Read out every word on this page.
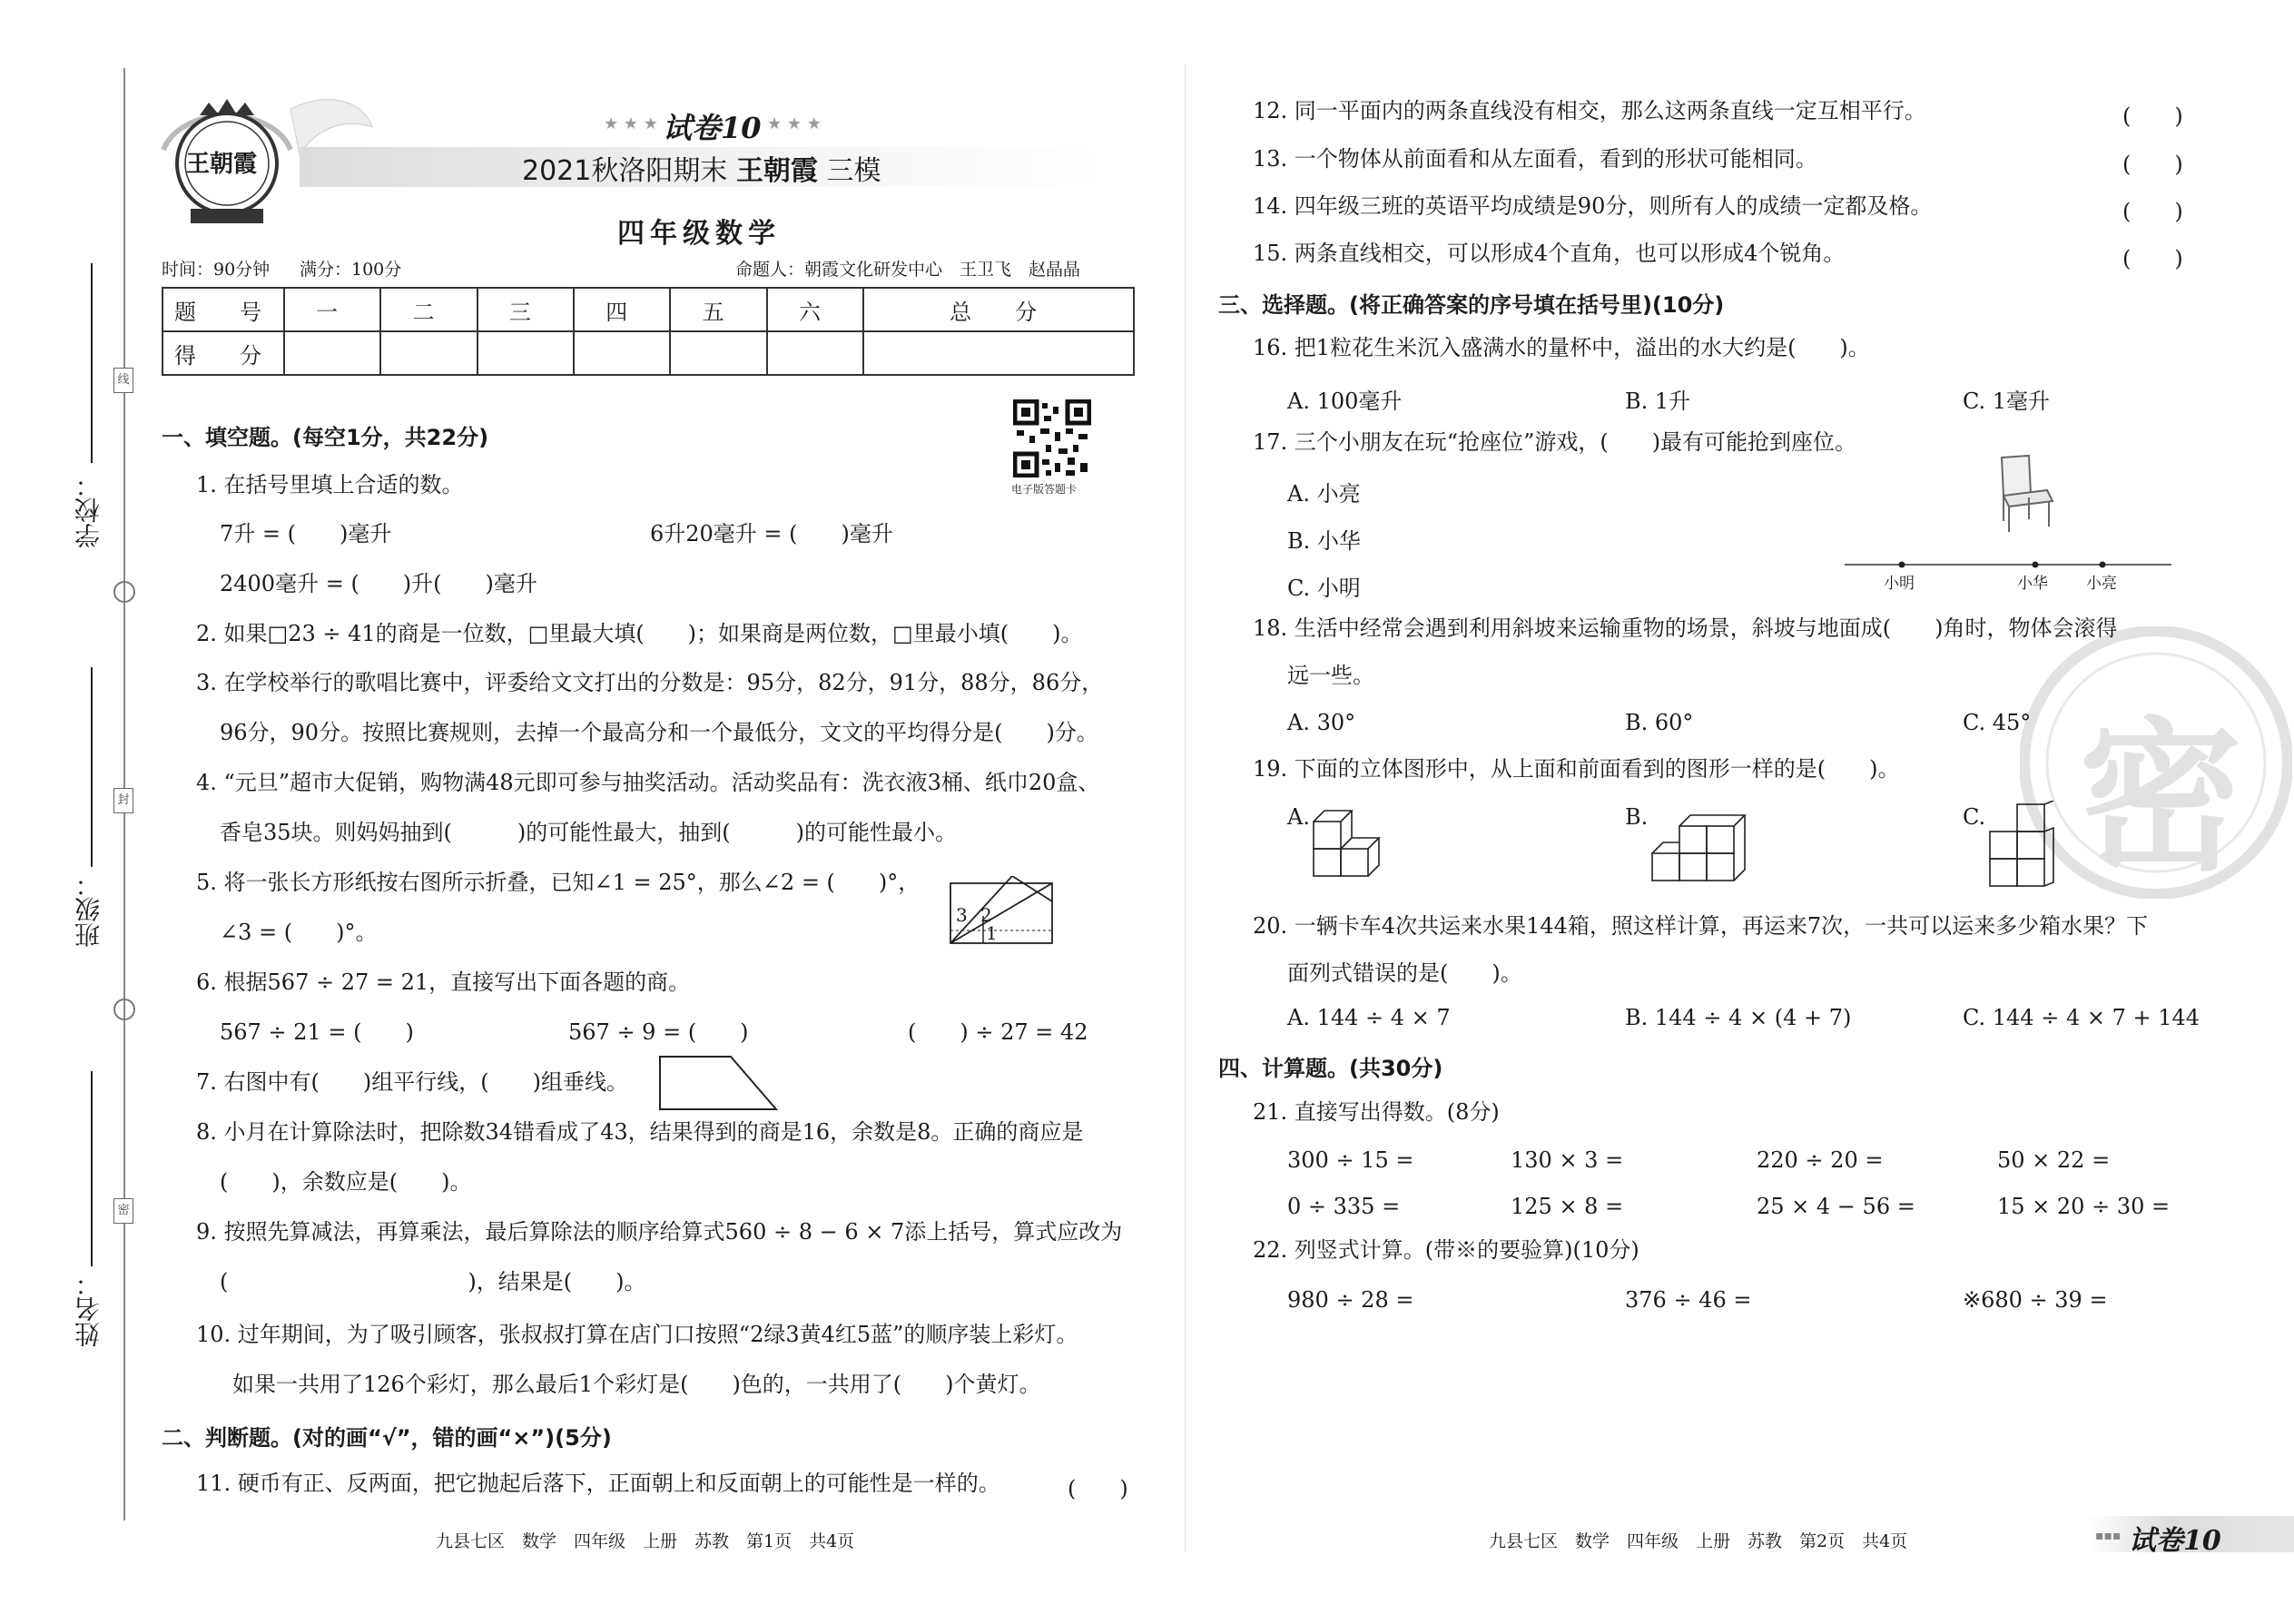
线
封
密
学校：
班级：
姓名：
王朝霞
★ ★ ★ 试卷10 ★ ★ ★
2021秋洛阳期末 王朝霞 三模
四年级数学
时间：90分钟 满分：100分	命题人：朝霞文化研发中心　王卫飞　赵晶晶
题　号	一	二	三	四	五	六	总　分
得　分							
电子版答题卡
一、填空题。(每空1分，共22分)
1. 在括号里填上合适的数。
7升 = (　　)毫升	6升20毫升 = (　　)毫升
2400毫升 = (　　)升(　　)毫升
2. 如果□23 ÷ 41的商是一位数，□里最大填(　　)；如果商是两位数，□里最小填(　　)。
3. 在学校举行的歌唱比赛中，评委给文文打出的分数是：95分，82分，91分，88分，86分，
96分，90分。按照比赛规则，去掉一个最高分和一个最低分，文文的平均得分是(　　)分。
4. “元旦”超市大促销，购物满48元即可参与抽奖活动。活动奖品有：洗衣液3桶、纸巾20盒、
香皂35块。则妈妈抽到(　　　)的可能性最大，抽到(　　　)的可能性最小。
5. 将一张长方形纸按右图所示折叠，已知∠1 = 25°，那么∠2 = (　　)°，
∠3 = (　　)°。
3 2
1
6. 根据567 ÷ 27 = 21，直接写出下面各题的商。
567 ÷ 21 = (　　)	567 ÷ 9 = (　　)	(　　) ÷ 27 = 42
7. 右图中有(　　)组平行线，(　　)组垂线。
8. 小月在计算除法时，把除数34错看成了43，结果得到的商是16，余数是8。正确的商应是
(　　)，余数应是(　　)。
9. 按照先算减法，再算乘法，最后算除法的顺序给算式560 ÷ 8 − 6 × 7添上括号，算式应改为
(　　　　　　　　　　　)，结果是(　　)。
10. 过年期间，为了吸引顾客，张叔叔打算在店门口按照“2绿3黄4红5蓝”的顺序装上彩灯。
如果一共用了126个彩灯，那么最后1个彩灯是(　　)色的，一共用了(　　)个黄灯。
二、判断题。(对的画“√”，错的画“×”)(5分)
11. 硬币有正、反两面，把它抛起后落下，正面朝上和反面朝上的可能性是一样的。	(　　)
密
12. 同一平面内的两条直线没有相交，那么这两条直线一定互相平行。	(　　)
13. 一个物体从前面看和从左面看，看到的形状可能相同。	(　　)
14. 四年级三班的英语平均成绩是90分，则所有人的成绩一定都及格。	(　　)
15. 两条直线相交，可以形成4个直角，也可以形成4个锐角。	(　　)
三、选择题。(将正确答案的序号填在括号里)(10分)
16. 把1粒花生米沉入盛满水的量杯中，溢出的水大约是(　　)。
A. 100毫升	B. 1升	C. 1毫升
17. 三个小朋友在玩“抢座位”游戏，(　　)最有可能抢到座位。
A. 小亮
B. 小华
C. 小明	小明	小华 小亮
18. 生活中经常会遇到利用斜坡来运输重物的场景，斜坡与地面成(　　)角时，物体会滚得
远一些。
A. 30°	B. 60°	C. 45°
19. 下面的立体图形中，从上面和前面看到的图形一样的是(　　)。
A.	B.	C.
20. 一辆卡车4次共运来水果144箱，照这样计算，再运来7次，一共可以运来多少箱水果？下
面列式错误的是(　　)。
A. 144 ÷ 4 × 7	B. 144 ÷ 4 × (4 + 7)	C. 144 ÷ 4 × 7 + 144
四、计算题。(共30分)
21. 直接写出得数。(8分)
300 ÷ 15 =	130 × 3 =	220 ÷ 20 =	50 × 22 =
0 ÷ 335 =	125 × 8 =	25 × 4 − 56 =	15 × 20 ÷ 30 =
22. 列竖式计算。(带※的要验算)(10分)
980 ÷ 28 =	376 ÷ 46 =	※680 ÷ 39 =
九县七区　数学　四年级　上册　苏教　第1页　共4页	九县七区　数学　四年级　上册　苏教　第2页　共4页	▪▪▪ 试卷10
